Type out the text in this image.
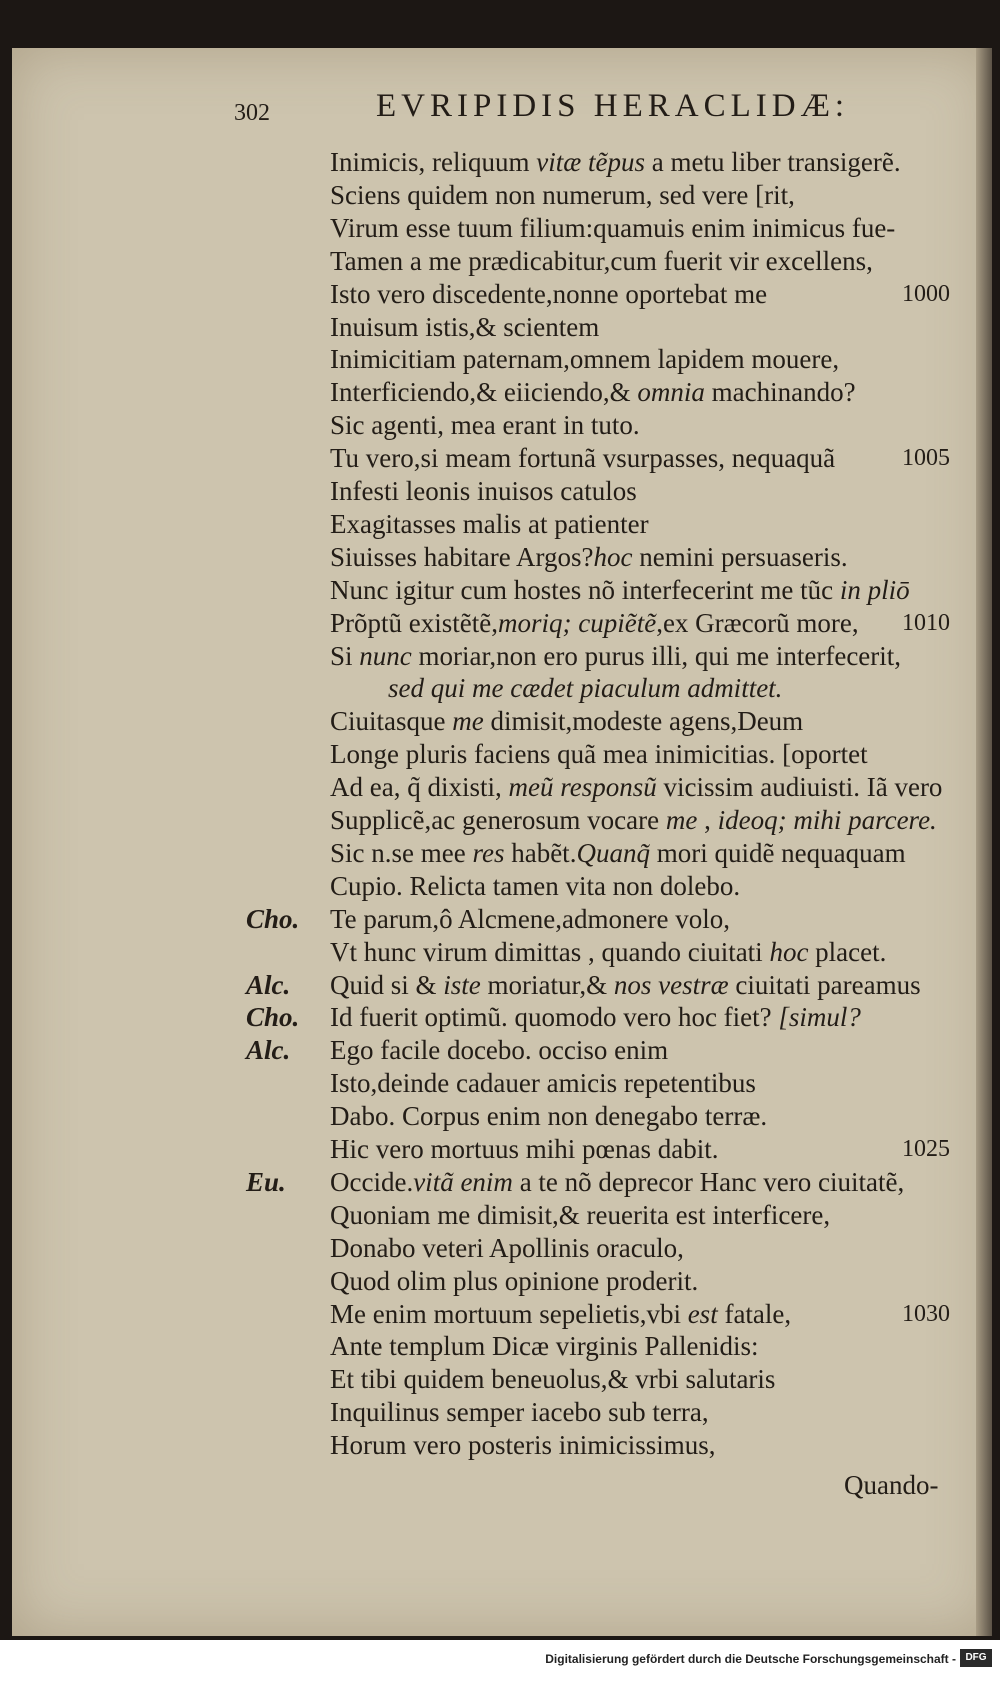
302	EVRIPIDIS HERACLIDÆ:
Inimicis, reliquum vitæ tẽpus a metu liber transigerẽ.
Sciens quidem non numerum, sed vere [rit,
Virum esse tuum filium:quamuis enim inimicus fue-
Tamen a me prædicabitur,cum fuerit vir excellens,
Isto vero discedente,nonne oportebat me	1000
Inuisum istis,& scientem
Inimicitiam paternam,omnem lapidem mouere,
Interficiendo,& eiiciendo,& omnia machinando?
Sic agenti, mea erant in tuto.
Tu vero,si meam fortunã vsurpasses, nequaquã	1005
Infesti leonis inuisos catulos
Exagitasses malis at patienter
Siuisses habitare Argos?hoc nemini persuaseris.
Nunc igitur cum hostes nõ interfecerint me tũc in pliō
Prõptũ existẽtẽ,moriq; cupiẽtẽ,ex Græcorũ more, 1010
Si nunc moriar,non ero purus illi, qui me interfecerit,
sed qui me cædet piaculum admittet.
Ciuitasque me dimisit,modeste agens,Deum
Longe pluris faciens quã mea inimicitias. [oportet
Ad ea, q̃ dixisti, meũ responsũ vicissim audiuisti. Iã vero
Supplicẽ,ac generosum vocare me , ideoq; mihi parcere.
Sic n.se mee res habẽt.Quanq̃ mori quidẽ nequaquam
Cupio. Relicta tamen vita non dolebo.
Cho. Te parum,ô Alcmene,admonere volo,
Vt hunc virum dimittas , quando ciuitati hoc placet.
Alc. Quid si & iste moriatur,& nos vestræ ciuitati pareamus
Cho. Id fuerit optimũ. quomodo vero hoc fiet? [simul?
Alc. Ego facile docebo. occiso enim
Isto,deinde cadauer amicis repetentibus
Dabo. Corpus enim non denegabo terræ.
Hic vero mortuus mihi pœnas dabit.	1025
Eu. Occide.vitã enim a te nõ deprecor Hanc vero ciuitatẽ,
Quoniam me dimisit,& reuerita est interficere,
Donabo veteri Apollinis oraculo,
Quod olim plus opinione proderit.
Me enim mortuum sepelietis,vbi est fatale,	1030
Ante templum Dicæ virginis Pallenidis:
Et tibi quidem beneuolus,& vrbi salutaris
Inquilinus semper iacebo sub terra,
Horum vero posteris inimicissimus,
Quando-
Digitalisierung gefördert durch die Deutsche Forschungsgemeinschaft - DFG
